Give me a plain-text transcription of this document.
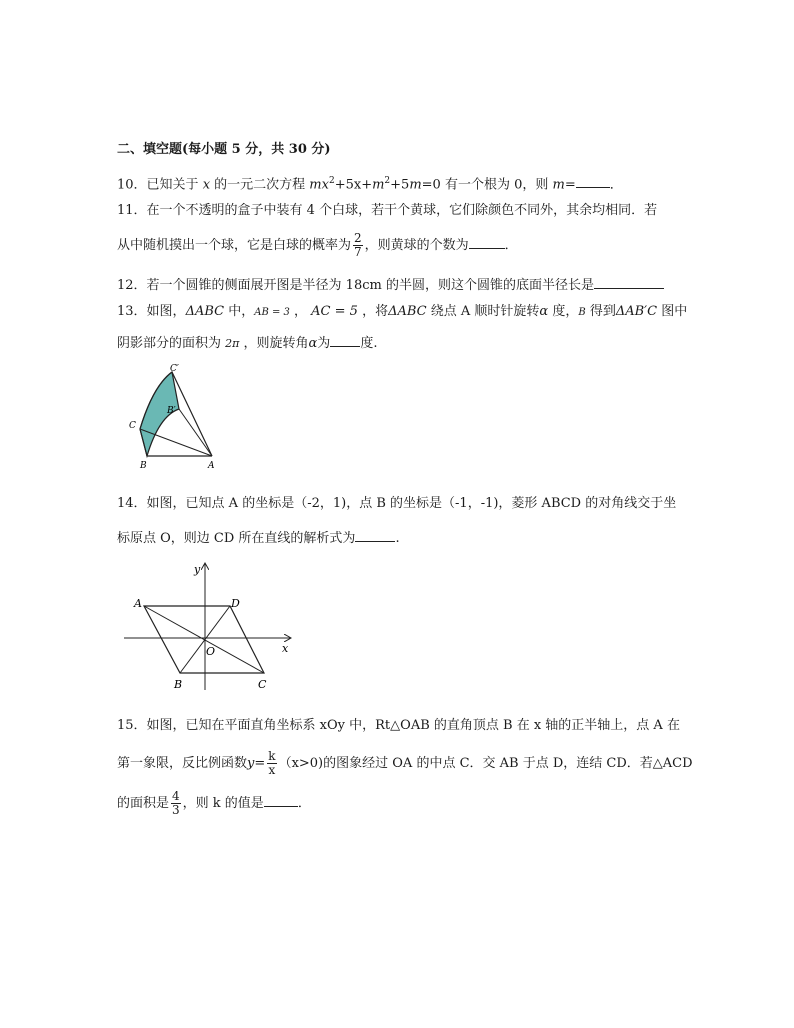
二、填空题(每小题 5 分，共 30 分)
10．已知关于 x 的一元二次方程 $mx^2+5x+m^2+5m=0$ 有一个根为 0，则 m=	．
11．在一个不透明的盒子中装有 4 个白球，若干个黄球，它们除颜色不同外，其余均相同．若
从中随机摸出一个球，它是白球的概率为 $\frac{2}{7}$ ，则黄球的个数为	．
12．若一个圆锥的侧面展开图是半径为 18cm 的半圆，则这个圆锥的底面半径长是
13．如图，ΔABC 中，AB = 3 ， AC = 5 ，将ΔABC 绕点 A 顺时针旋转α 度，B 得到ΔAB′C 图中
阴影部分的面积为 2π ，则旋转角α为 度.
C′
B′
C
B	A
14．如图，已知点 A 的坐标是（-2，1)，点 B 的坐标是（-1，-1)，菱形 ABCD 的对角线交于坐
标原点 O，则边 CD 所在直线的解析式为	.
A	D
O	x
y
B	C
15．如图，已知在平面直角坐标系 xOy 中，Rt△OAB 的直角顶点 B 在 x 轴的正半轴上，点 A 在
第一象限，反比例函数$y= \frac{k}{x} (x>0)$的图象经过 OA 的中点 C．交 AB 于点 D，连结 CD．若△ACD
的面积是 $\frac{4}{3}$ ，则 k 的值是	．
